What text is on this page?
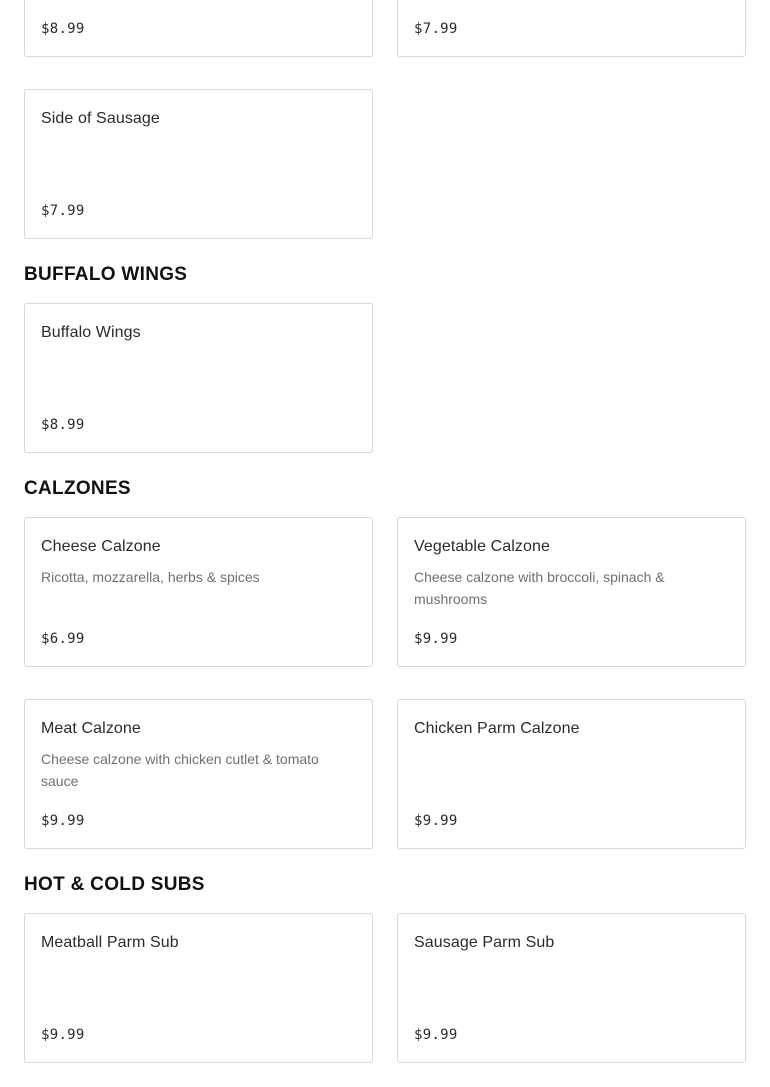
$8.99	$7.99
Side of Sausage
$7.99
BUFFALO WINGS
Buffalo Wings
$8.99
CALZONES
Cheese Calzone
Ricotta, mozzarella, herbs & spices
$6.99
Vegetable Calzone
Cheese calzone with broccoli, spinach & mushrooms
$9.99
Meat Calzone
Cheese calzone with chicken cutlet & tomato sauce
$9.99
Chicken Parm Calzone
$9.99
HOT & COLD SUBS
Meatball Parm Sub
$9.99
Sausage Parm Sub
$9.99
